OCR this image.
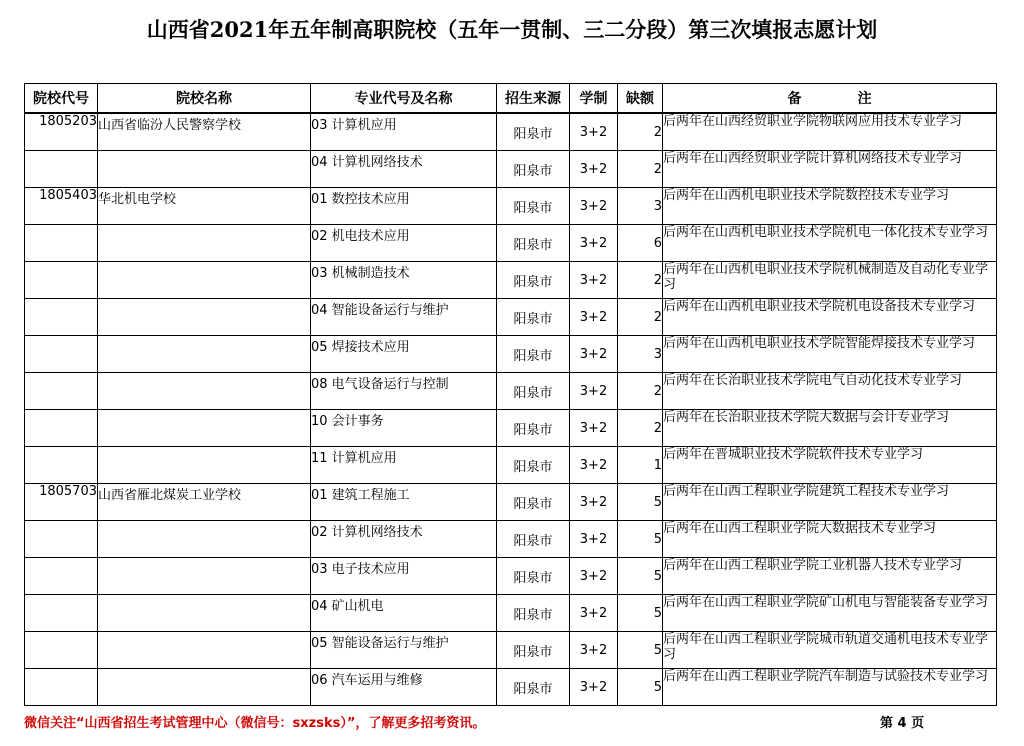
山西省2021年五年制高职院校（五年一贯制、三二分段）第三次填报志愿计划
院校代号	院校名称	专业代号及名称	招生来源	学制	缺额	备　　　　注
1805203	山西省临汾人民警察学校	03 计算机应用	阳泉市	3+2	2	后两年在山西经贸职业学院物联网应用技术专业学习
		04 计算机网络技术	阳泉市	3+2	2	后两年在山西经贸职业学院计算机网络技术专业学习
1805403	华北机电学校	01 数控技术应用	阳泉市	3+2	3	后两年在山西机电职业技术学院数控技术专业学习
		02 机电技术应用	阳泉市	3+2	6	后两年在山西机电职业技术学院机电一体化技术专业学习
		03 机械制造技术	阳泉市	3+2	2	后两年在山西机电职业技术学院机械制造及自动化专业学习
		04 智能设备运行与维护	阳泉市	3+2	2	后两年在山西机电职业技术学院机电设备技术专业学习
		05 焊接技术应用	阳泉市	3+2	3	后两年在山西机电职业技术学院智能焊接技术专业学习
		08 电气设备运行与控制	阳泉市	3+2	2	后两年在长治职业技术学院电气自动化技术专业学习
		10 会计事务	阳泉市	3+2	2	后两年在长治职业技术学院大数据与会计专业学习
		11 计算机应用	阳泉市	3+2	1	后两年在晋城职业技术学院软件技术专业学习
1805703	山西省雁北煤炭工业学校	01 建筑工程施工	阳泉市	3+2	5	后两年在山西工程职业学院建筑工程技术专业学习
		02 计算机网络技术	阳泉市	3+2	5	后两年在山西工程职业学院大数据技术专业学习
		03 电子技术应用	阳泉市	3+2	5	后两年在山西工程职业学院工业机器人技术专业学习
		04 矿山机电	阳泉市	3+2	5	后两年在山西工程职业学院矿山机电与智能装备专业学习
		05 智能设备运行与维护	阳泉市	3+2	5	后两年在山西工程职业学院城市轨道交通机电技术专业学习
		06 汽车运用与维修	阳泉市	3+2	5	后两年在山西工程职业学院汽车制造与试验技术专业学习
微信关注“山西省招生考试管理中心（微信号：sxzsks）”，了解更多招考资讯。	第 4 页
